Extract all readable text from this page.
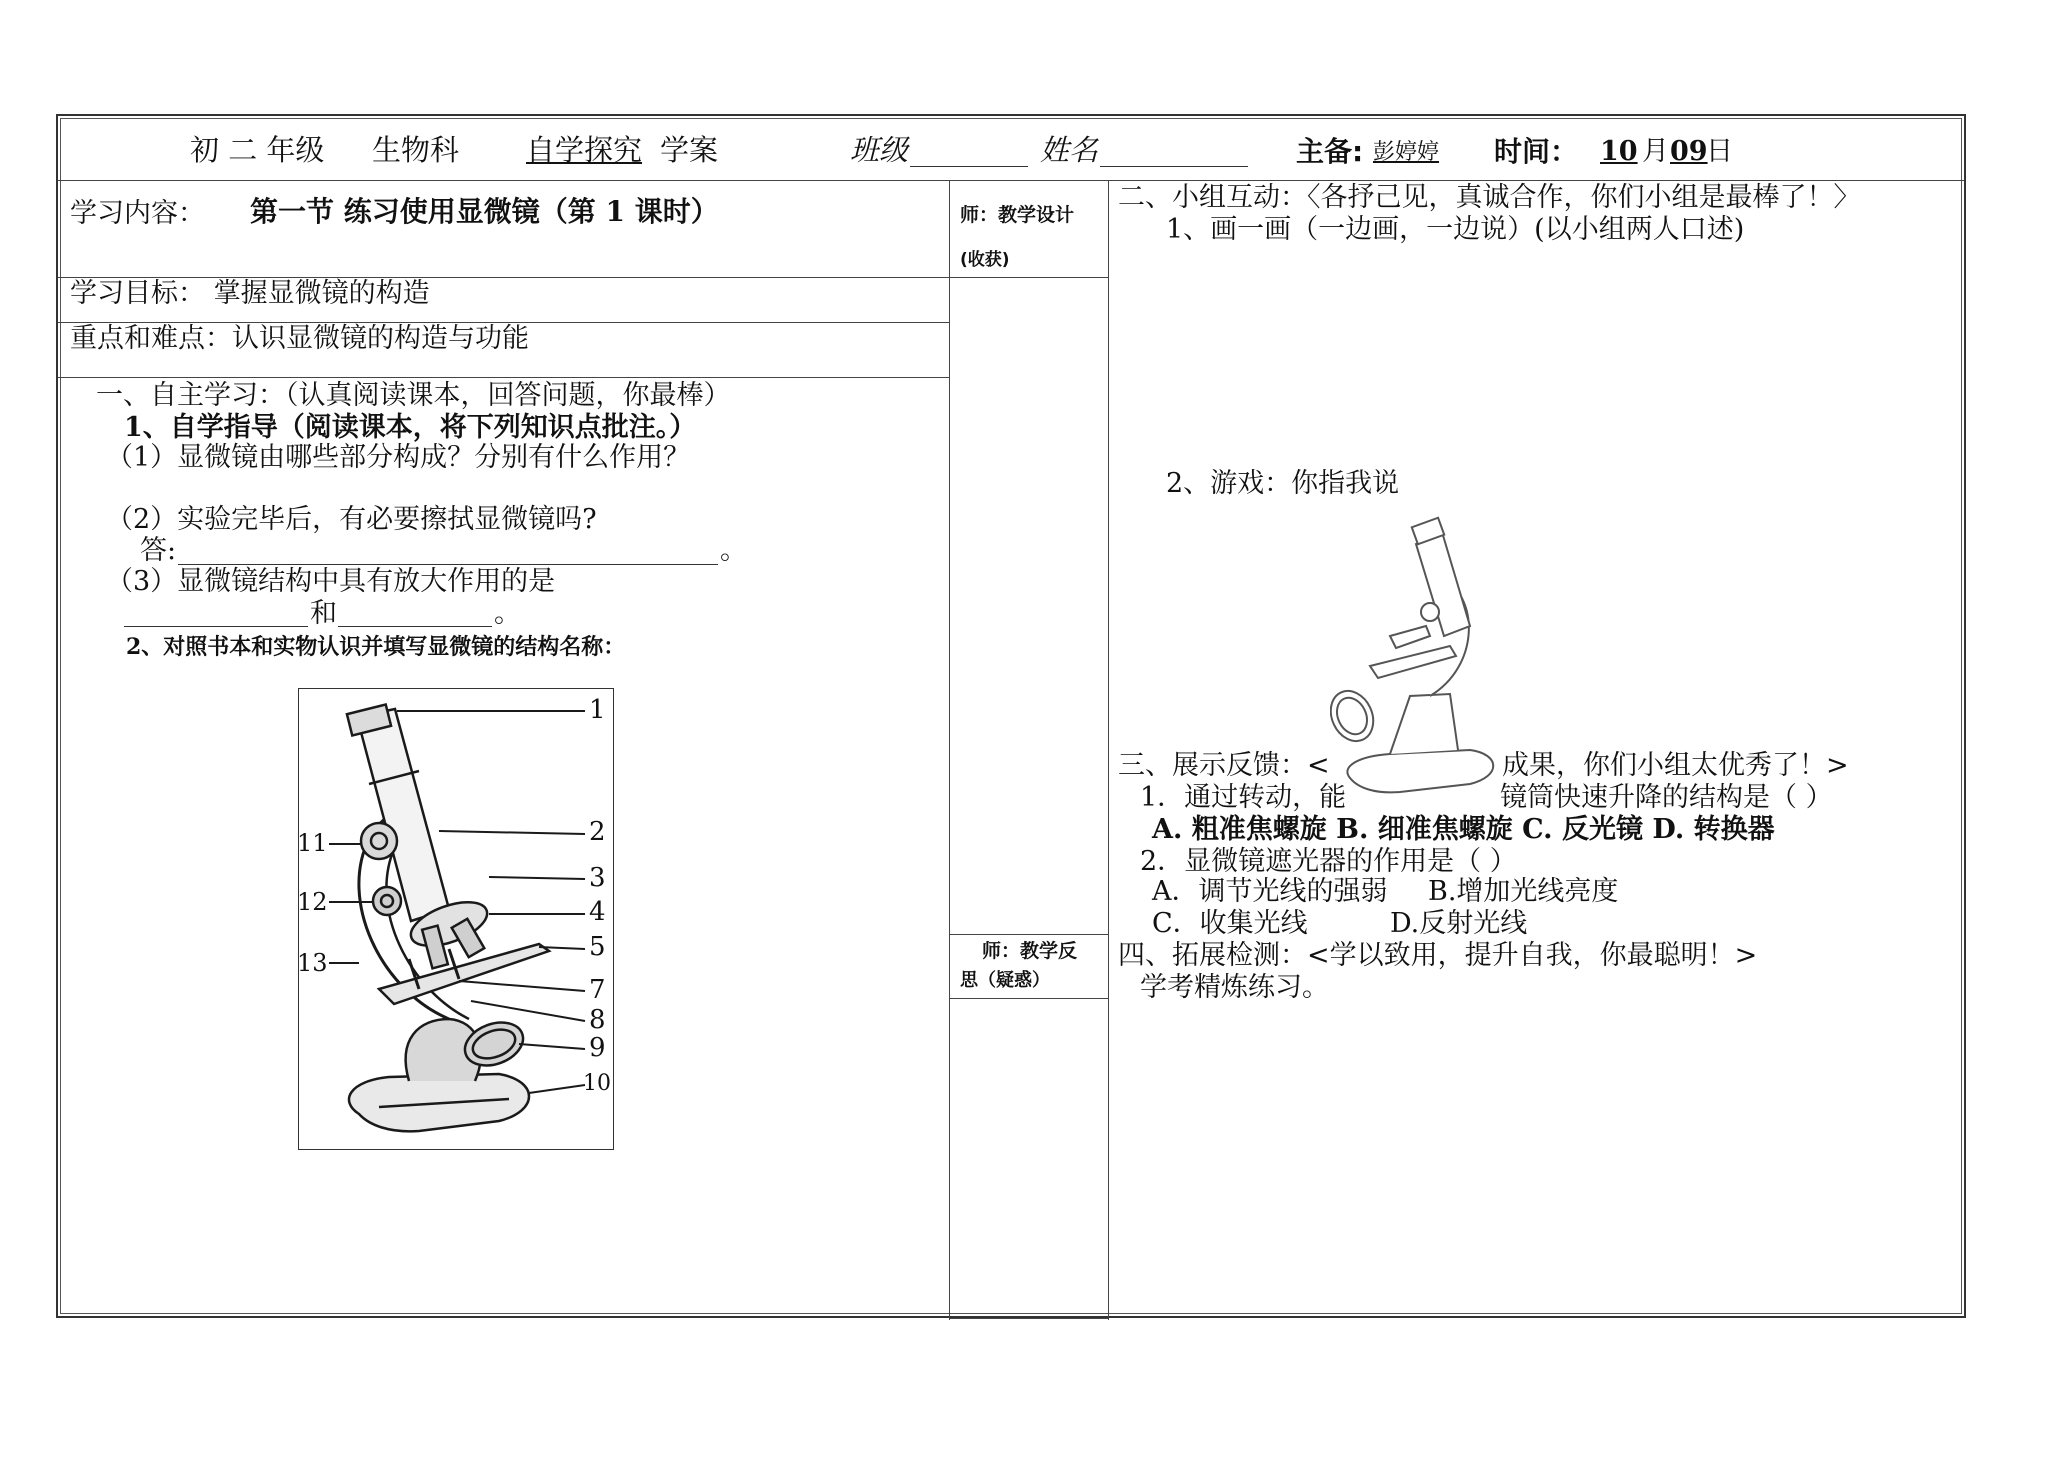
初 二 年级 生物科	自学探究 学案	班级	姓名	主备: 彭婷婷	时间： 10 月 09
日
学习内容： 第一节 练习使用显微镜（第 1 课时）
学习目标： 掌握显微镜的构造
重点和难点：认识显微镜的构造与功能
一、自主学习：（认真阅读课本，回答问题，你最棒）
1、自学指导（阅读课本，将下列知识点批注。）
（1）显微镜由哪些部分构成？分别有什么作用？
（2）实验完毕后，有必要擦拭显微镜吗?
答:	。
（3）显微镜结构中具有放大作用的是
和	。
2、对照书本和实物认识并填写显微镜的结构名称：
1
2
3
4
5
7
8
9
10
11
12
13
师：教学设计
(收获)
师：教学反
思（疑惑）
二、小组互动：〈各抒己见，真诚合作，你们小组是最棒了！〉
1、画一画（一边画，一边说）(以小组两人口述)
2、游戏：你指我说
三、展示反馈：<	成果，你们小组太优秀了！>
1．通过转动，能	镜筒快速升降的结构是（ ）
A. 粗准焦螺旋 B. 细准焦螺旋 C. 反光镜 D. 转换器
2．显微镜遮光器的作用是（ ）
A．调节光线的强弱 B.增加光线亮度
C．收集光线	D.反射光线
四、拓展检测：<学以致用，提升自我，你最聪明！>
学考精炼练习。
